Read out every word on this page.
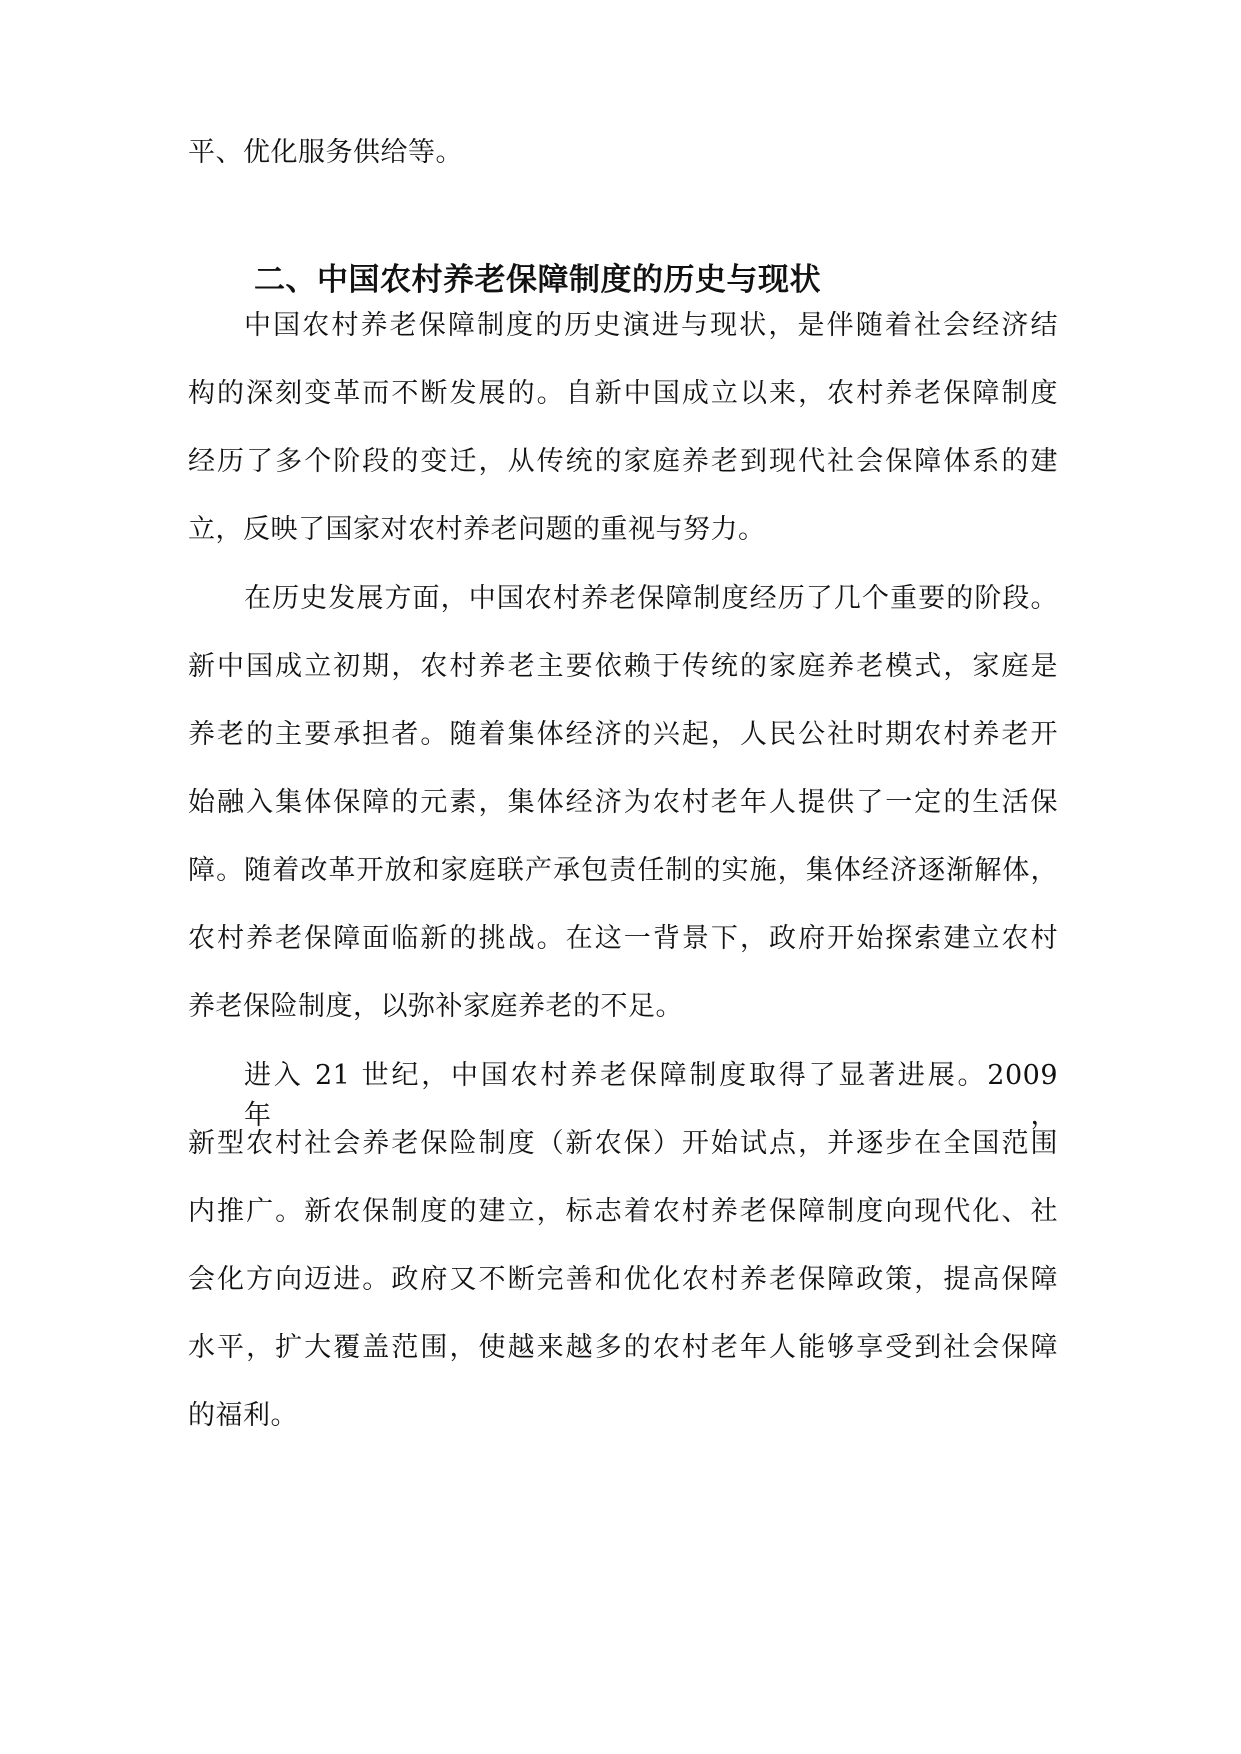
平、优化服务供给等。
二、中国农村养老保障制度的历史与现状
中国农村养老保障制度的历史演进与现状，是伴随着社会经济结
构的深刻变革而不断发展的。自新中国成立以来，农村养老保障制度
经历了多个阶段的变迁，从传统的家庭养老到现代社会保障体系的建
立，反映了国家对农村养老问题的重视与努力。
在历史发展方面，中国农村养老保障制度经历了几个重要的阶段。
新中国成立初期，农村养老主要依赖于传统的家庭养老模式，家庭是
养老的主要承担者。随着集体经济的兴起，人民公社时期农村养老开
始融入集体保障的元素，集体经济为农村老年人提供了一定的生活保
障。随着改革开放和家庭联产承包责任制的实施，集体经济逐渐解体，
农村养老保障面临新的挑战。在这一背景下，政府开始探索建立农村
养老保险制度，以弥补家庭养老的不足。
进入 21 世纪，中国农村养老保障制度取得了显著进展。2009 年，
新型农村社会养老保险制度（新农保）开始试点，并逐步在全国范围
内推广。新农保制度的建立，标志着农村养老保障制度向现代化、社
会化方向迈进。政府又不断完善和优化农村养老保障政策，提高保障
水平，扩大覆盖范围，使越来越多的农村老年人能够享受到社会保障
的福利。
